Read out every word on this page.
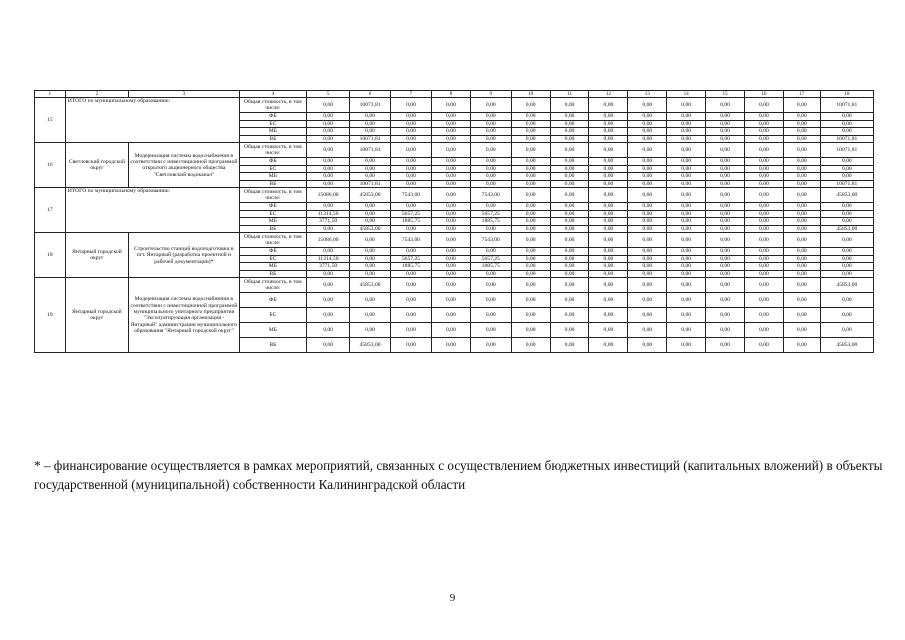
1	2	3	4	5	6	7	8	9	10	11	12	13	14	15	16	17	18
15	ИТОГО по муниципальному образованию:		Общая стоимость, в том числе:	0,00	10071,81	0,00	0,00	0,00	0,00	0,00	0,00	0,00	0,00	0,00	0,00	0,00	10071,81
			ФБ	0,00	0,00	0,00	0,00	0,00	0,00	0,00	0,00	0,00	0,00	0,00	0,00	0,00	0,00
			БС	0,00	0,00	0,00	0,00	0,00	0,00	0,00	0,00	0,00	0,00	0,00	0,00	0,00	0,00
			МБ	0,00	0,00	0,00	0,00	0,00	0,00	0,00	0,00	0,00	0,00	0,00	0,00	0,00	0,00
			ВБ	0,00	10071,81	0,00	0,00	0,00	0,00	0,00	0,00	0,00	0,00	0,00	0,00	0,00	10071,81
16	Светловский городской округ	Модернизация системы водоснабжения в соответствии с инвестиционной программой открытого акционерного общества "Светловский водоканал"	Общая стоимость, в том числе:	0,00	10071,81	0,00	0,00	0,00	0,00	0,00	0,00	0,00	0,00	0,00	0,00	0,00	10071,81
			ФБ	0,00	0,00	0,00	0,00	0,00	0,00	0,00	0,00	0,00	0,00	0,00	0,00	0,00	0,00
			БС	0,00	0,00	0,00	0,00	0,00	0,00	0,00	0,00	0,00	0,00	0,00	0,00	0,00	0,00
			МБ	0,00	0,00	0,00	0,00	0,00	0,00	0,00	0,00	0,00	0,00	0,00	0,00	0,00	0,00
			ВБ	0,00	10071,81	0,00	0,00	0,00	0,00	0,00	0,00	0,00	0,00	0,00	0,00	0,00	10071,81
17	ИТОГО по муниципальному образованию:		Общая стоимость, в том числе:	15086,00	45853,00	7543,00	0,00	7543,00	0,00	0,00	0,00	0,00	0,00	0,00	0,00	0,00	45853,00
			ФБ	0,00	0,00	0,00	0,00	0,00	0,00	0,00	0,00	0,00	0,00	0,00	0,00	0,00	0,00
			БС	11314,50	0,00	5657,25	0,00	5657,25	0,00	0,00	0,00	0,00	0,00	0,00	0,00	0,00	0,00
			МБ	3771,50	0,00	1885,75	0,00	1885,75	0,00	0,00	0,00	0,00	0,00	0,00	0,00	0,00	0,00
			ВБ	0,00	45853,00	0,00	0,00	0,00	0,00	0,00	0,00	0,00	0,00	0,00	0,00	0,00	45853,00
18	Янтарный городской округ	Строительство станций водоподготовки в пгт. Янтарный (разработка проектной и рабочей документации)*	Общая стоимость, в том числе:	15086,00	0,00	7543,00	0,00	7543,00	0,00	0,00	0,00	0,00	0,00	0,00	0,00	0,00	0,00
			ФБ	0,00	0,00	0,00	0,00	0,00	0,00	0,00	0,00	0,00	0,00	0,00	0,00	0,00	0,00
			БС	11314,50	0,00	5657,25	0,00	5657,25	0,00	0,00	0,00	0,00	0,00	0,00	0,00	0,00	0,00
			МБ	3771,50	0,00	1885,75	0,00	1885,75	0,00	0,00	0,00	0,00	0,00	0,00	0,00	0,00	0,00
			ВБ	0,00	0,00	0,00	0,00	0,00	0,00	0,00	0,00	0,00	0,00	0,00	0,00	0,00	0,00
19	Янтарный городской округ	Модернизация системы водоснабжения в соответствии с инвестиционной программой муниципального унитарного предприятия "Эксплуатирующая организация - Янтарный" администрации муниципального образования "Янтарный городской округ"	Общая стоимость, в том числе:	0,00	45853,00	0,00	0,00	0,00	0,00	0,00	0,00	0,00	0,00	0,00	0,00	0,00	45853,00
			ФБ	0,00	0,00	0,00	0,00	0,00	0,00	0,00	0,00	0,00	0,00	0,00	0,00	0,00	0,00
			БС	0,00	0,00	0,00	0,00	0,00	0,00	0,00	0,00	0,00	0,00	0,00	0,00	0,00	0,00
			МБ	0,00	0,00	0,00	0,00	0,00	0,00	0,00	0,00	0,00	0,00	0,00	0,00	0,00	0,00
			ВБ	0,00	45853,00	0,00	0,00	0,00	0,00	0,00	0,00	0,00	0,00	0,00	0,00	0,00	45853,00
* – финансирование осуществляется в рамках мероприятий, связанных с осуществлением бюджетных инвестиций (капитальных вложений) в объекты государственной (муниципальной) собственности Калининградской области
9
